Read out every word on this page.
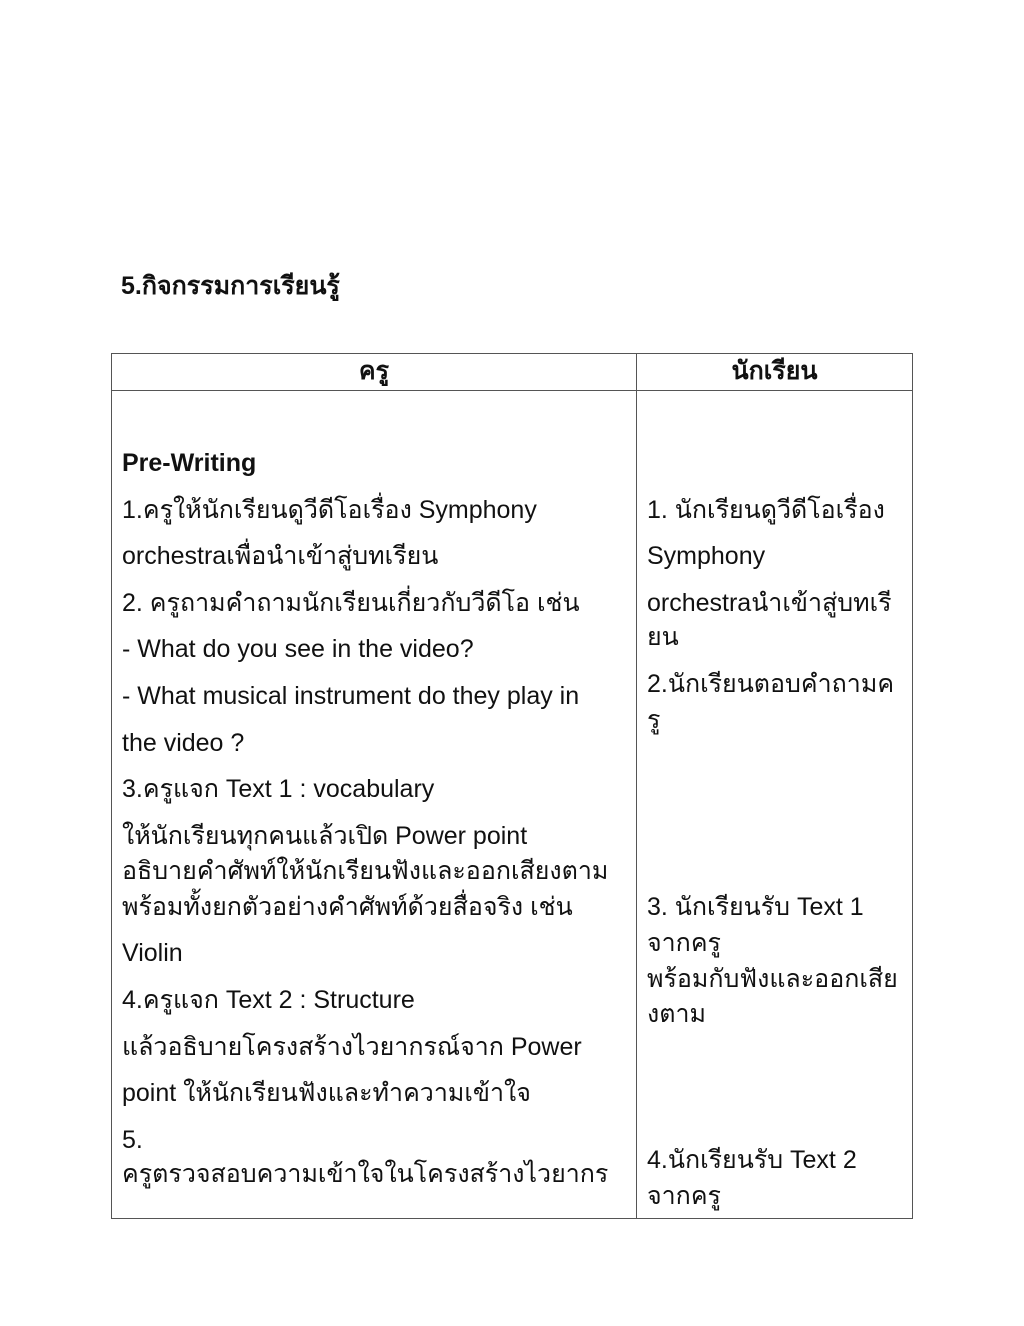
5.กิจกรรมการเรียนรู้
ครู	นักเรียน
Pre-Writing
1.ครูให้นักเรียนดูวีดีโอเรื่อง Symphony
orchestraเพื่อนำเข้าสู่บทเรียน
2. ครูถามคำถามนักเรียนเกี่ยวกับวีดีโอ เช่น
- What do you see in the video?
- What musical instrument do they play in
the video ?
3.ครูแจก Text 1 : vocabulary
ให้นักเรียนทุกคนแล้วเปิด Power point
อธิบายคำศัพท์ให้นักเรียนฟังและออกเสียงตาม
พร้อมทั้งยกตัวอย่างคำศัพท์ด้วยสื่อจริง เช่น
Violin
4.ครูแจก Text 2 : Structure
แล้วอธิบายโครงสร้างไวยากรณ์จาก Power
point ให้นักเรียนฟังและทำความเข้าใจ
5.
ครูตรวจสอบความเข้าใจในโครงสร้างไวยากร
1. นักเรียนดูวีดีโอเรื่อง
Symphony
orchestraนำเข้าสู่บทเรี
ยน
2.นักเรียนตอบคำถามค
รู
3. นักเรียนรับ Text 1
จากครู
พร้อมกับฟังและออกเสีย
งตาม
4.นักเรียนรับ Text 2
จากครู
